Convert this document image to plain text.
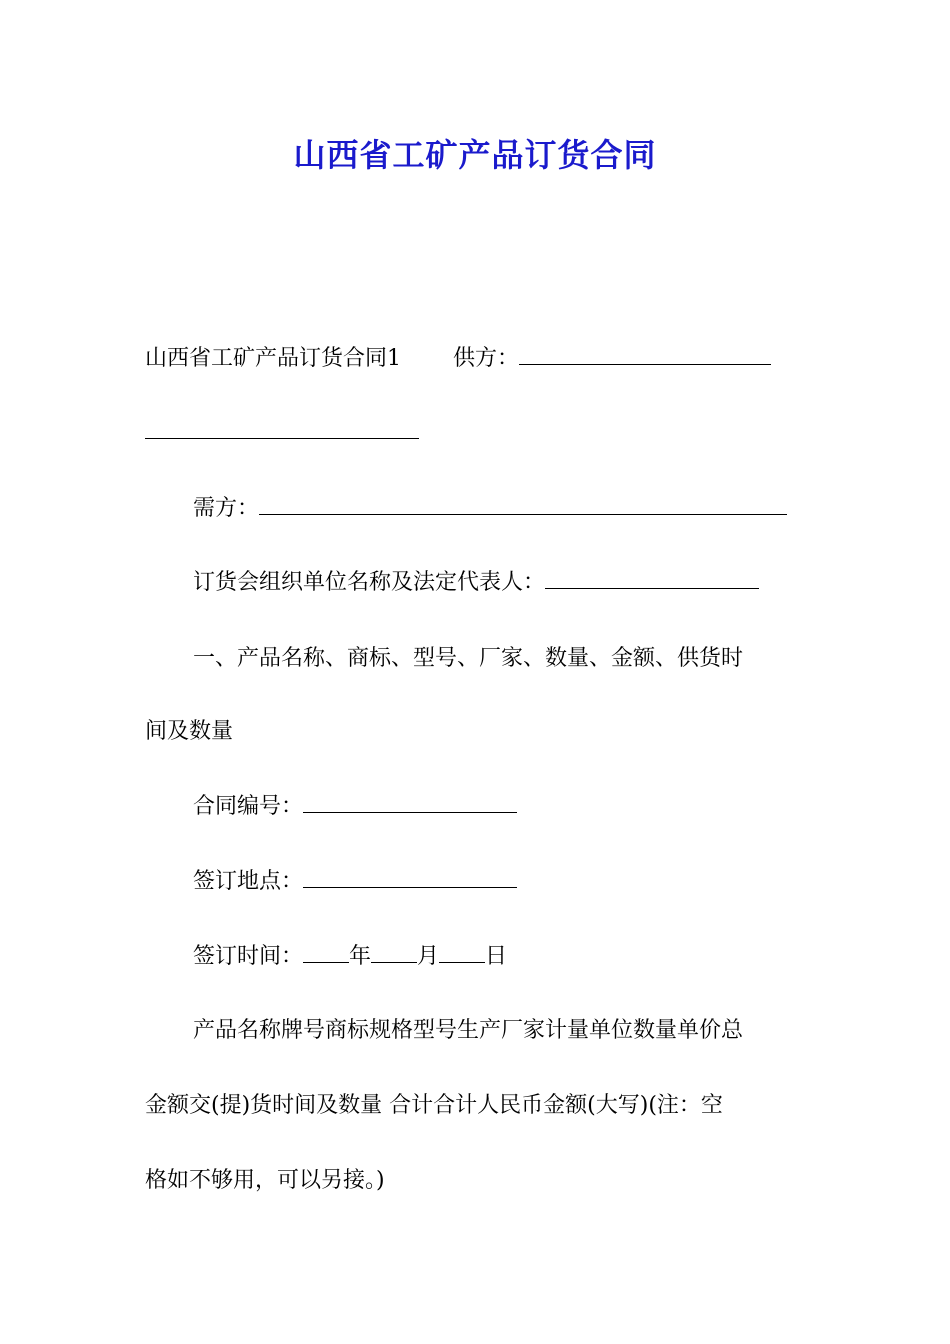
山西省工矿产品订货合同
山西省工矿产品订货合同1 供方：
需方：
订货会组织单位名称及法定代表人：
一、产品名称、商标、型号、厂家、数量、金额、供货时
间及数量
合同编号：
签订地点：
签订时间： 年 月 日
产品名称牌号商标规格型号生产厂家计量单位数量单价总
金额交(提)货时间及数量 合计合计人民币金额(大写)(注：空
格如不够用，可以另接。)
